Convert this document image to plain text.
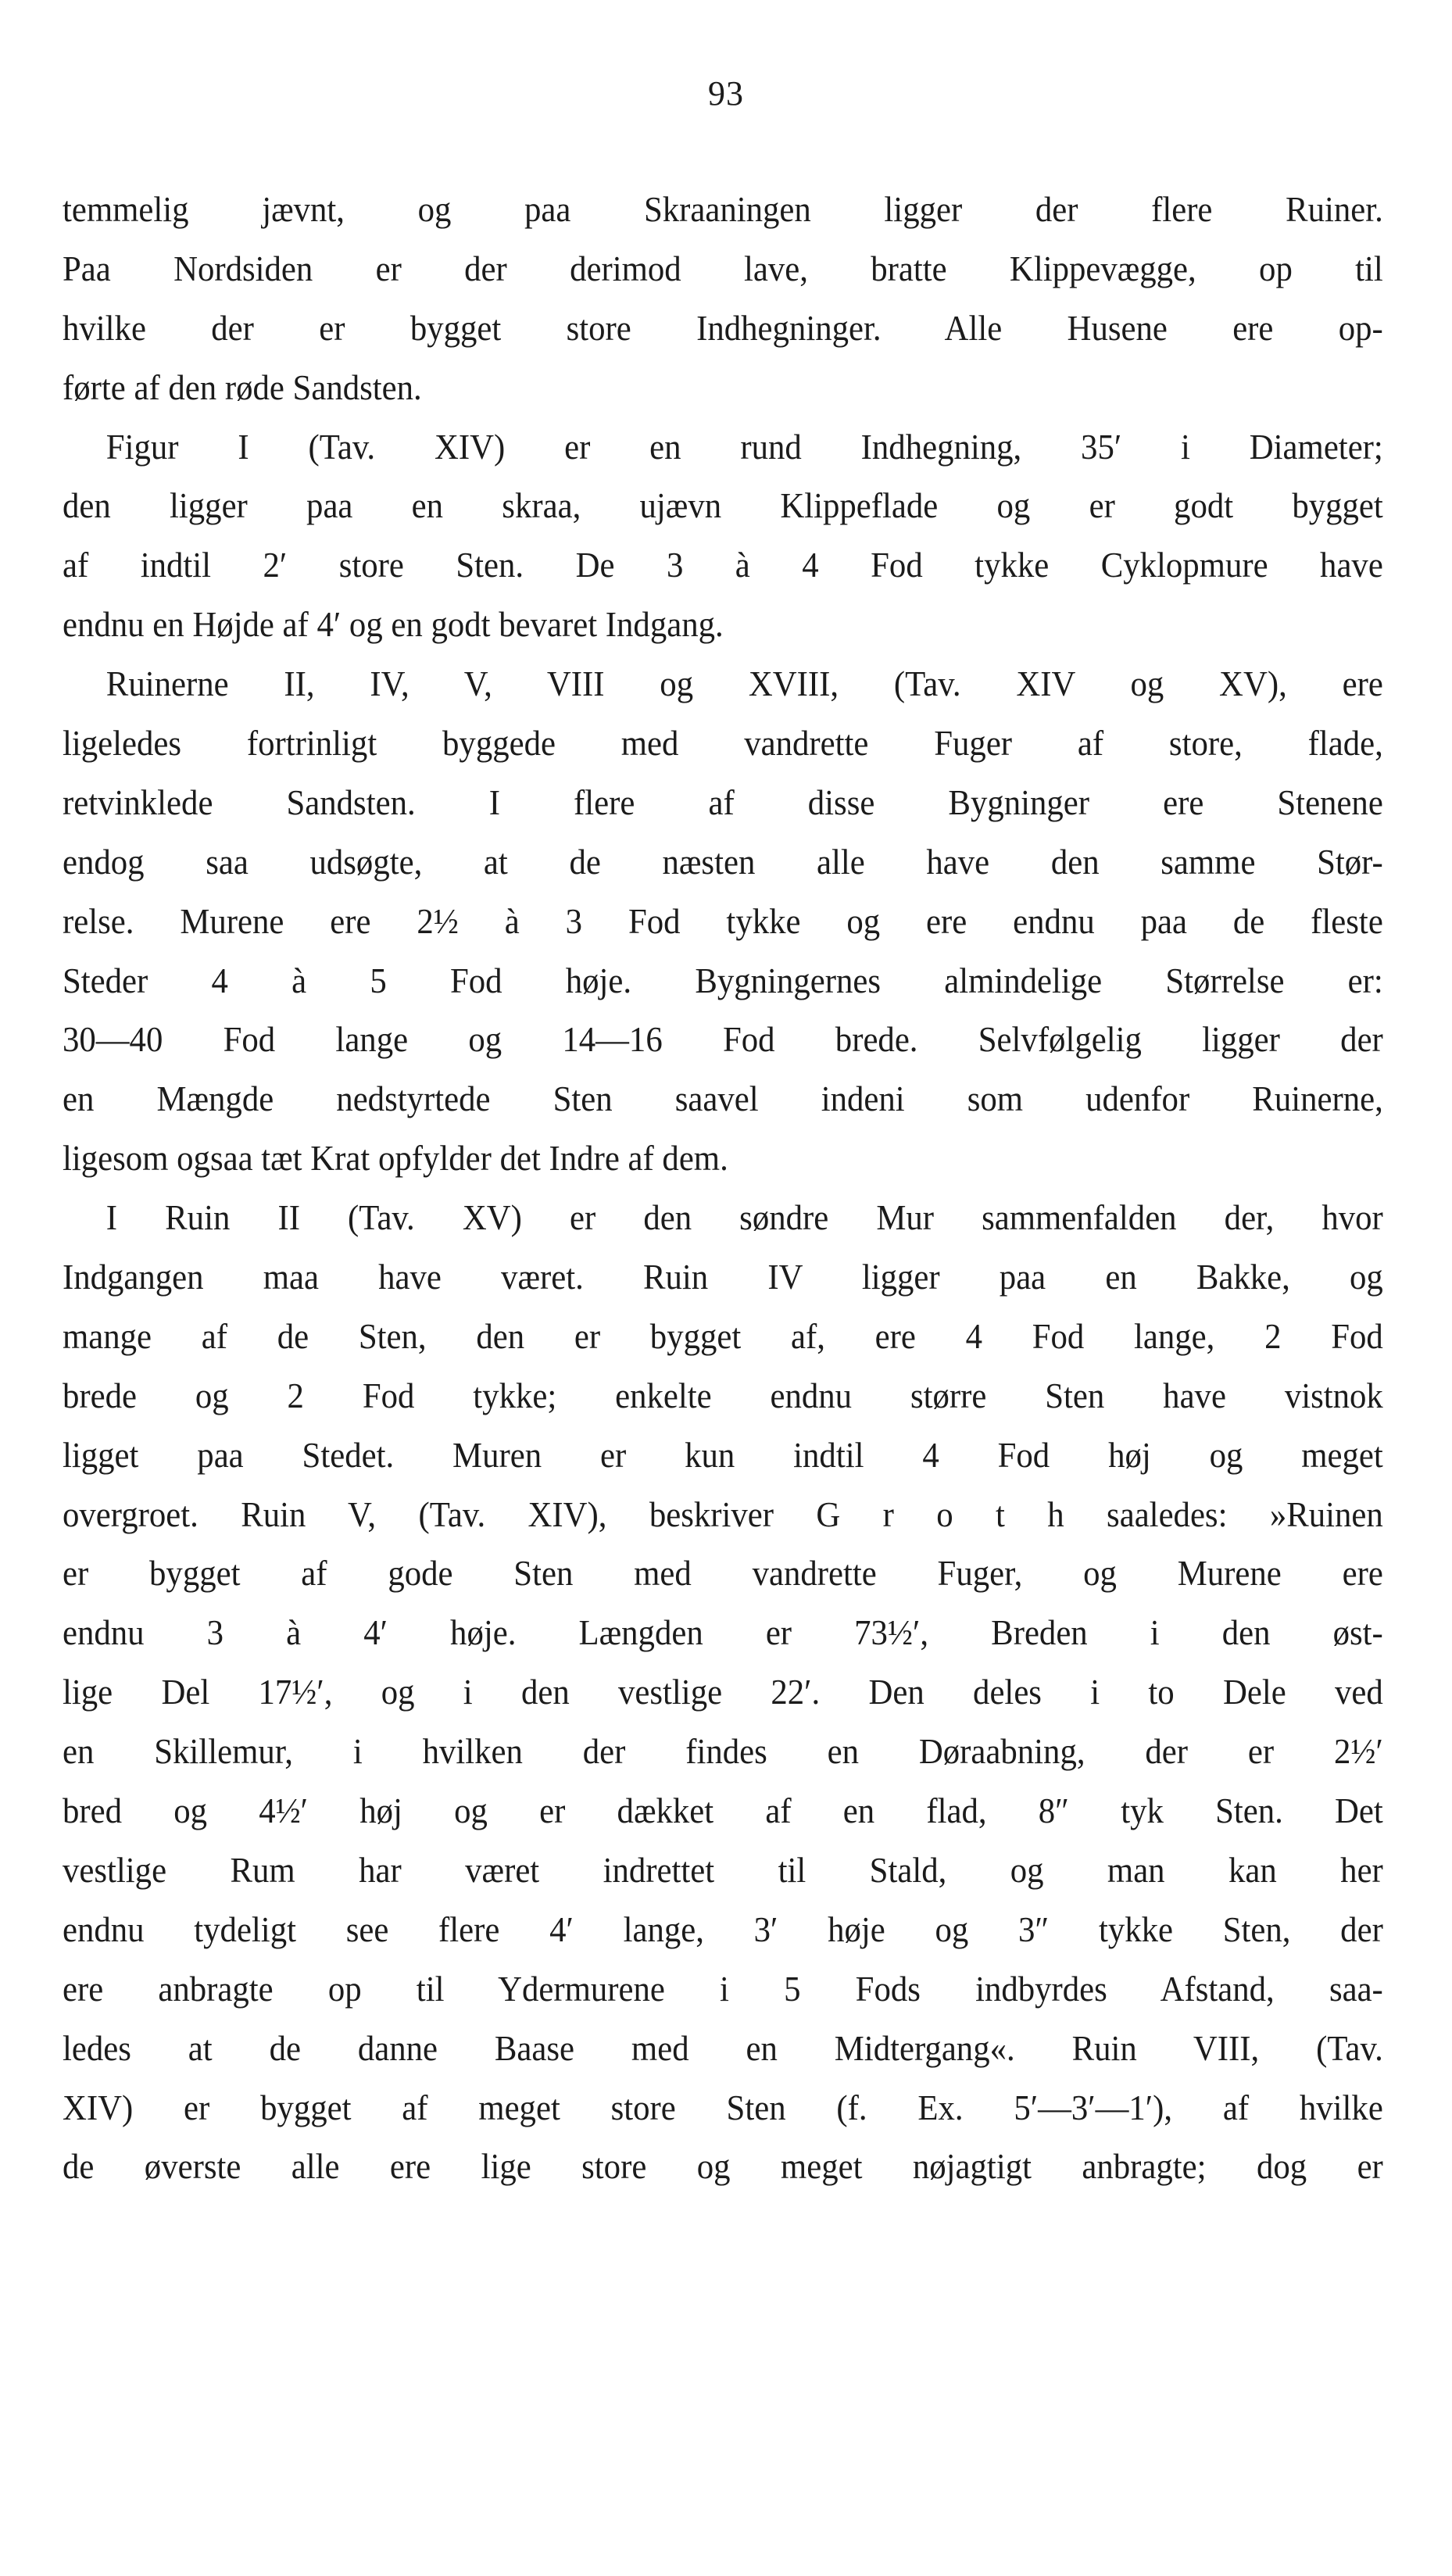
93
temmelig jævnt, og paa Skraaningen ligger der flere Ruiner.
Paa Nordsiden er der derimod lave, bratte Klippevægge, op til
hvilke der er bygget store Indhegninger. Alle Husene ere op-
førte af den røde Sandsten.
Figur I (Tav. XIV) er en rund Indhegning, 35′ i Diameter;
den ligger paa en skraa, ujævn Klippeflade og er godt bygget
af indtil 2′ store Sten. De 3 à 4 Fod tykke Cyklopmure have
endnu en Højde af 4′ og en godt bevaret Indgang.
Ruinerne II, IV, V, VIII og XVIII, (Tav. XIV og XV), ere
ligeledes fortrinligt byggede med vandrette Fuger af store, flade,
retvinklede Sandsten. I flere af disse Bygninger ere Stenene
endog saa udsøgte, at de næsten alle have den samme Stør-
relse. Murene ere 2½ à 3 Fod tykke og ere endnu paa de fleste
Steder 4 à 5 Fod høje. Bygningernes almindelige Størrelse er:
30—40 Fod lange og 14—16 Fod brede. Selvfølgelig ligger der
en Mængde nedstyrtede Sten saavel indeni som udenfor Ruinerne,
ligesom ogsaa tæt Krat opfylder det Indre af dem.
I Ruin II (Tav. XV) er den søndre Mur sammenfalden der, hvor
Indgangen maa have været. Ruin IV ligger paa en Bakke, og
mange af de Sten, den er bygget af, ere 4 Fod lange, 2 Fod
brede og 2 Fod tykke; enkelte endnu større Sten have vistnok
ligget paa Stedet. Muren er kun indtil 4 Fod høj og meget
overgroet. Ruin V, (Tav. XIV), beskriver G r o t h saaledes: »Ruinen
er bygget af gode Sten med vandrette Fuger, og Murene ere
endnu 3 à 4′ høje. Længden er 73½′, Breden i den øst-
lige Del 17½′, og i den vestlige 22′. Den deles i to Dele ved
en Skillemur, i hvilken der findes en Døraabning, der er 2½′
bred og 4½′ høj og er dækket af en flad, 8″ tyk Sten. Det
vestlige Rum har været indrettet til Stald, og man kan her
endnu tydeligt see flere 4′ lange, 3′ høje og 3″ tykke Sten, der
ere anbragte op til Ydermurene i 5 Fods indbyrdes Afstand, saa-
ledes at de danne Baase med en Midtergang«. Ruin VIII, (Tav.
XIV) er bygget af meget store Sten (f. Ex. 5′—3′—1′), af hvilke
de øverste alle ere lige store og meget nøjagtigt anbragte; dog er
